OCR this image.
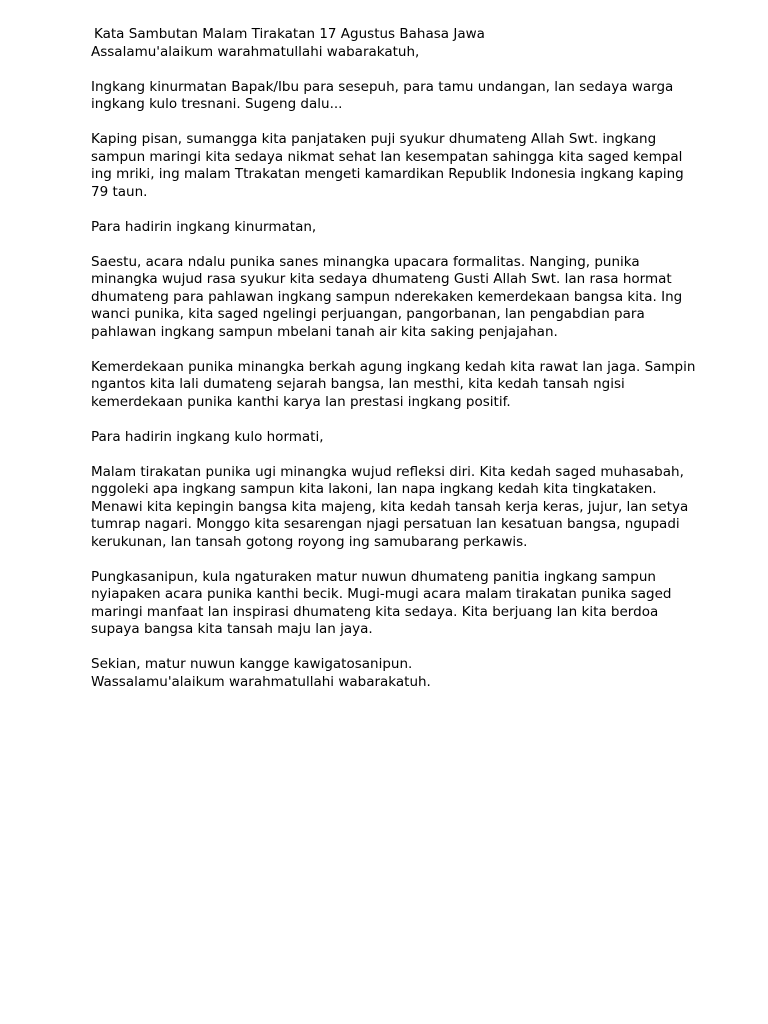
Kata Sambutan Malam Tirakatan 17 Agustus Bahasa Jawa
Assalamu'alaikum warahmatullahi wabarakatuh,
Ingkang kinurmatan Bapak/Ibu para sesepuh, para tamu undangan, lan sedaya warga
ingkang kulo tresnani. Sugeng dalu...
Kaping pisan, sumangga kita panjataken puji syukur dhumateng Allah Swt. ingkang
sampun maringi kita sedaya nikmat sehat lan kesempatan sahingga kita saged kempal
ing mriki, ing malam Ttrakatan mengeti kamardikan Republik Indonesia ingkang kaping
79 taun.
Para hadirin ingkang kinurmatan,
Saestu, acara ndalu punika sanes minangka upacara formalitas. Nanging, punika
minangka wujud rasa syukur kita sedaya dhumateng Gusti Allah Swt. lan rasa hormat
dhumateng para pahlawan ingkang sampun nderekaken kemerdekaan bangsa kita. Ing
wanci punika, kita saged ngelingi perjuangan, pangorbanan, lan pengabdian para
pahlawan ingkang sampun mbelani tanah air kita saking penjajahan.
Kemerdekaan punika minangka berkah agung ingkang kedah kita rawat lan jaga. Sampin
ngantos kita lali dumateng sejarah bangsa, lan mesthi, kita kedah tansah ngisi
kemerdekaan punika kanthi karya lan prestasi ingkang positif.
Para hadirin ingkang kulo hormati,
Malam tirakatan punika ugi minangka wujud refleksi diri. Kita kedah saged muhasabah,
nggoleki apa ingkang sampun kita lakoni, lan napa ingkang kedah kita tingkataken.
Menawi kita kepingin bangsa kita majeng, kita kedah tansah kerja keras, jujur, lan setya
tumrap nagari. Monggo kita sesarengan njagi persatuan lan kesatuan bangsa, ngupadi
kerukunan, lan tansah gotong royong ing samubarang perkawis.
Pungkasanipun, kula ngaturaken matur nuwun dhumateng panitia ingkang sampun
nyiapaken acara punika kanthi becik. Mugi-mugi acara malam tirakatan punika saged
maringi manfaat lan inspirasi dhumateng kita sedaya. Kita berjuang lan kita berdoa
supaya bangsa kita tansah maju lan jaya.
Sekian, matur nuwun kangge kawigatosanipun.
Wassalamu'alaikum warahmatullahi wabarakatuh.
